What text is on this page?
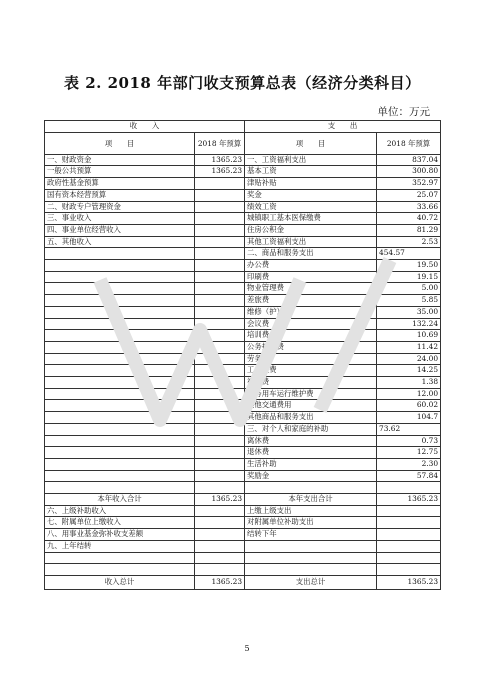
表 2. 2018 年部门收支预算总表（经济分类科目）
单位：万元
收　　入		支　　出	
项　　目	2018 年预算	项　　目	2018 年预算
一、财政资金	1365.23	一、工资福利支出	837.04
一般公共预算	1365.23	基本工资	300.80
政府性基金预算		津贴补贴	352.97
国有资本经营预算		奖金	25.07
二、财政专户管理资金		绩效工资	33.66
三、事业收入		城镇职工基本医保缴费	40.72
四、事业单位经营收入		住房公积金	81.29
五、其他收入		其他工资福利支出	2.53
		二、商品和服务支出	454.57
		办公费	19.50
		印刷费	19.15
		物业管理费	5.00
		差旅费	5.85
		维修（护）费	35.00
		会议费	132.24
		培训费	10.69
		公务接待费	11.42
		劳务费	24.00
		工会经费	14.25
		福利费	1.38
		公务用车运行维护费	12.00
		其他交通费用	60.02
		其他商品和服务支出	104.7
		三、对个人和家庭的补助	73.62
		离休费	0.73
		退休费	12.75
		生活补助	2.30
		奖励金	57.84

本年收入合计	1365.23	本年支出合计	1365.23
六、上级补助收入		上缴上级支出	
七、附属单位上缴收入		对附属单位补助支出	
八、用事业基金弥补收支差额		结转下年	
九、上年结转			

收入总计	1365.23	支出总计	1365.23
5
